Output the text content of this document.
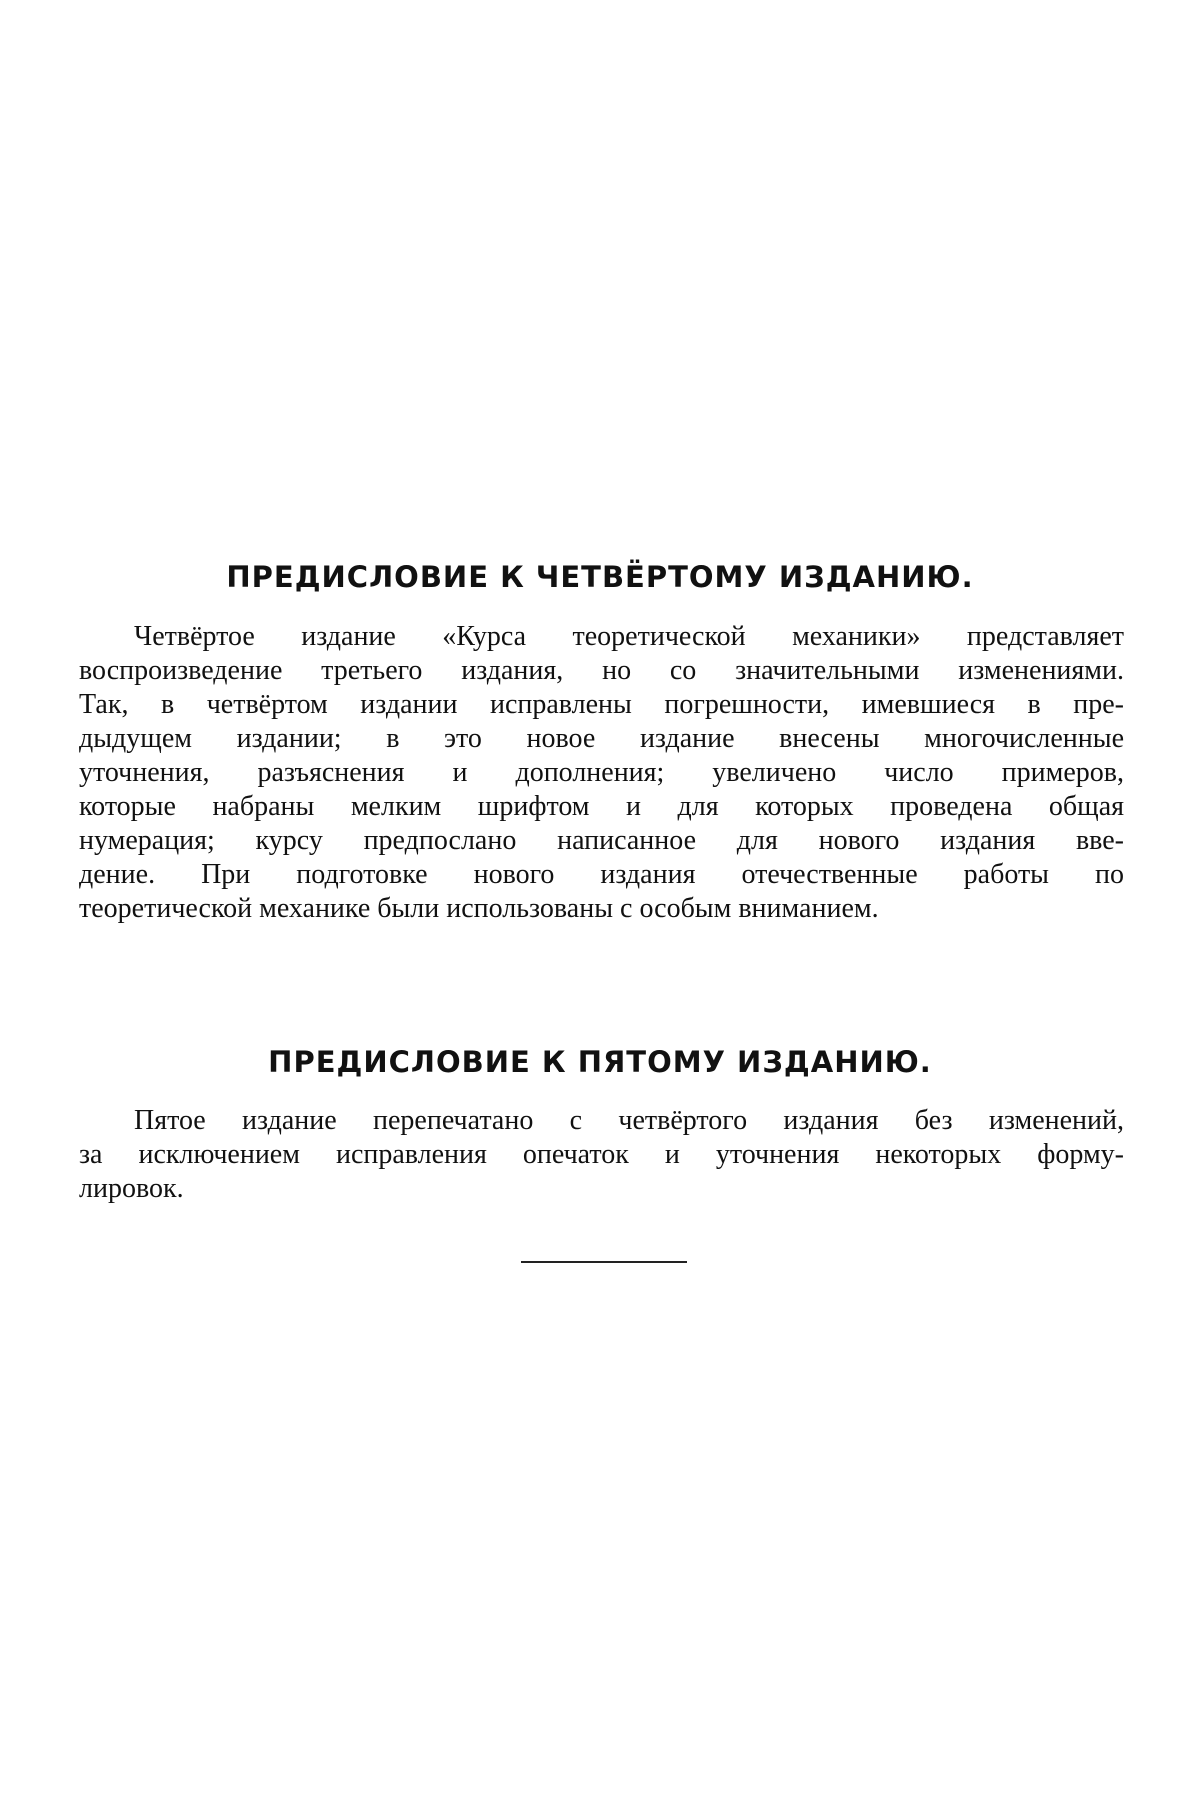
ПРЕДИСЛОВИЕ К ЧЕТВЁРТОМУ ИЗДАНИЮ.
Четвёртое издание «Курса теоретической механики» представляет
воспроизведение третьего издания, но со значительными изменениями.
Так, в четвёртом издании исправлены погрешности, имевшиеся в пре-
дыдущем издании; в это новое издание внесены многочисленные
уточнения, разъяснения и дополнения; увеличено число примеров,
которые набраны мелким шрифтом и для которых проведена общая
нумерация; курсу предпослано написанное для нового издания вве-
дение. При подготовке нового издания отечественные работы по
теоретической механике были использованы с особым вниманием.
ПРЕДИСЛОВИЕ К ПЯТОМУ ИЗДАНИЮ.
Пятое издание перепечатано с четвёртого издания без изменений,
за исключением исправления опечаток и уточнения некоторых форму-
лировок.
